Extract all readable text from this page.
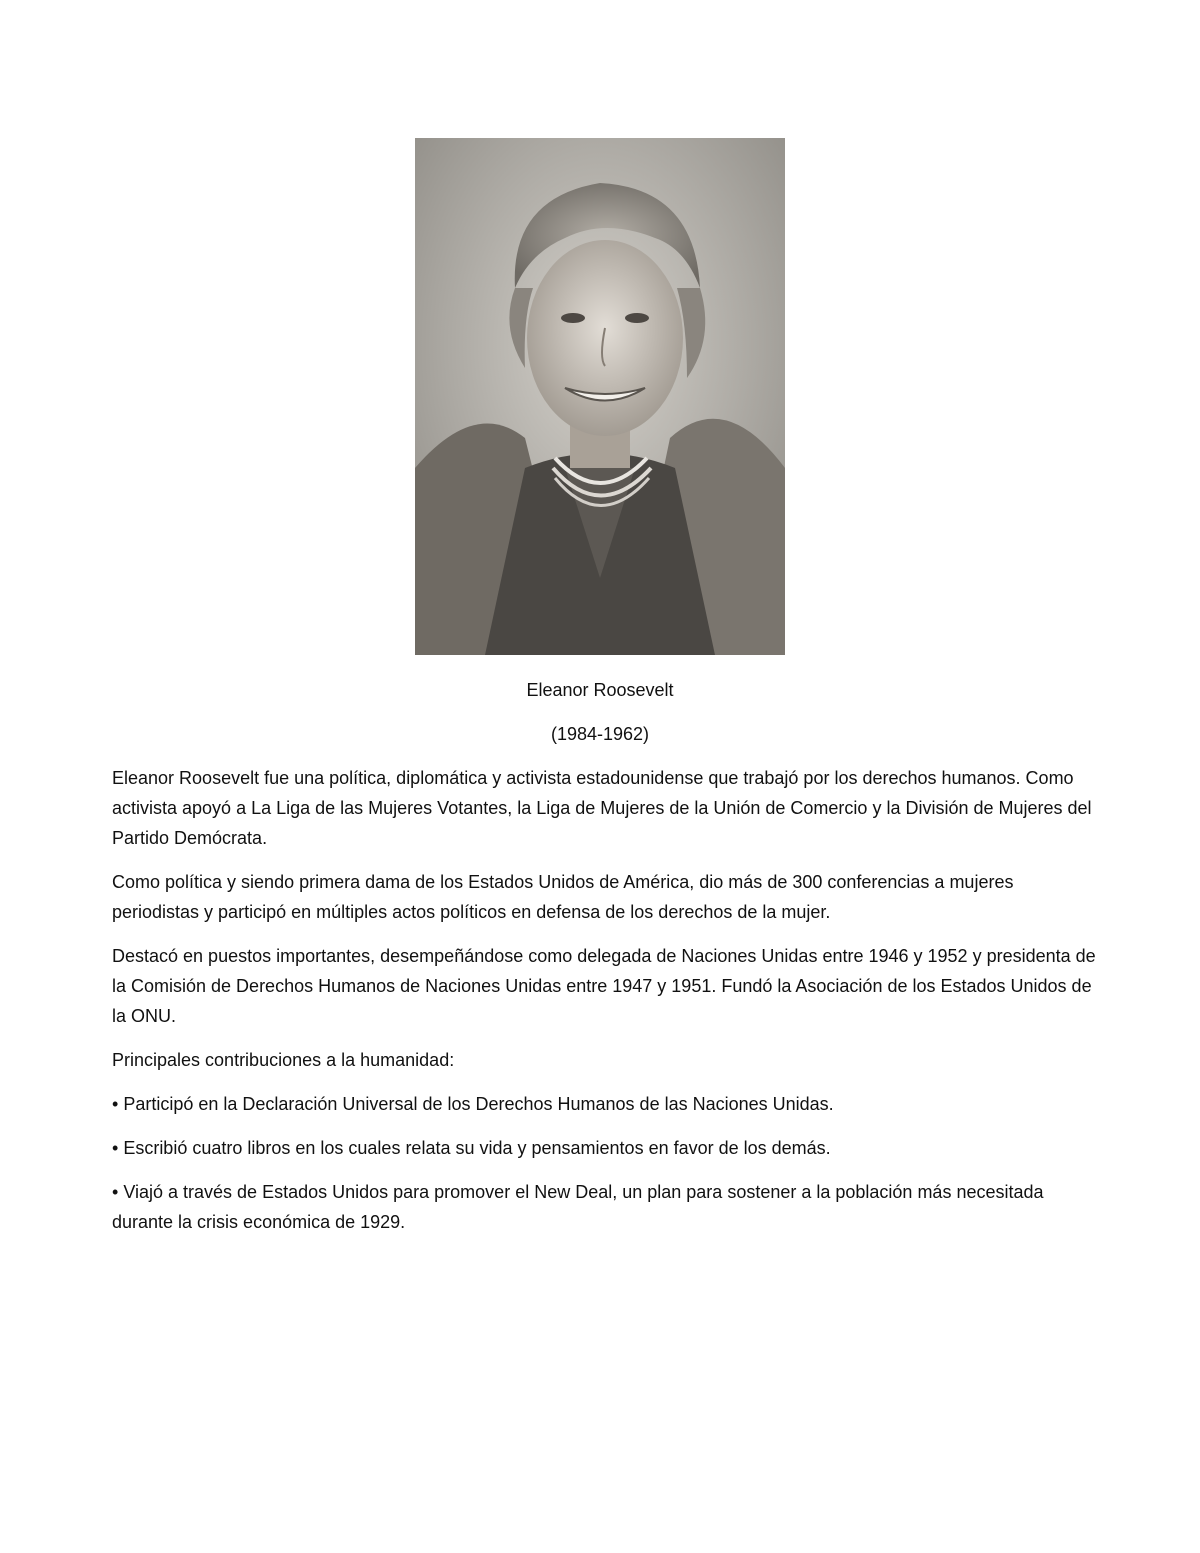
Eleanor Roosevelt
(1984-1962)

Eleanor Roosevelt fue una política, diplomática y activista estadounidense que trabajó por los derechos humanos. Como activista apoyó a La Liga de las Mujeres Votantes, la Liga de Mujeres de la Unión de Comercio y la División de Mujeres del Partido Demócrata.

Como política y siendo primera dama de los Estados Unidos de América, dio más de 300 conferencias a mujeres periodistas y participó en múltiples actos políticos en defensa de los derechos de la mujer.

Destacó en puestos importantes, desempeñándose como delegada de Naciones Unidas entre 1946 y 1952 y presidenta de la Comisión de Derechos Humanos de Naciones Unidas entre 1947 y 1951. Fundó la Asociación de los Estados Unidos de la ONU.

Principales contribuciones a la humanidad:

• Participó en la Declaración Universal de los Derechos Humanos de las Naciones Unidas.

• Escribió cuatro libros en los cuales relata su vida y pensamientos en favor de los demás.

• Viajó a través de Estados Unidos para promover el New Deal, un plan para sostener a la población más necesitada durante la crisis económica de 1929.
